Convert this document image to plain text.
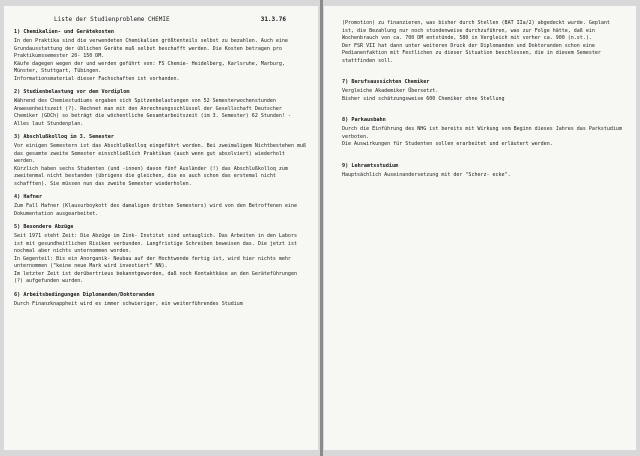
Liste der Studienprobleme CHEMIE	31.3.76
1) Chemikalien- und Gerätekosten

In den Praktika sind die verwendeten Chemikalien größtenteils selbst zu bezahlen. Auch eine Grundausstattung der üblichen Geräte muß selbst beschafft werden. Die Kosten betragen pro Praktikumssemester 20- 150 DM.
Käufe dagegen wegen der und werden geführt von: FS Chemie- Heidelberg, Karlsruhe, Marburg, Münster, Stuttgart, Tübingen.
Informationsmaterial dieser Fachschaften ist vorhanden.

2) Studienbelastung vor dem Vordiplom

Während des Chemiestudiums ergaben sich Spitzenbelastungen von 52 Semesterwochenstunden Anwesenheitszeit (?). Rechnet man mit den Anrechnungsschlüssel der Gesellschaft Deutscher Chemiker (GDCh) so beträgt die wöchentliche Gesamtarbeitszeit (im 3. Semester) 62 Stunden! - Alles laut Stundenplan.

3) Abschlußkolloq im 3. Semester

Vor einigen Semestern ist das Abschlußkolloq eingeführt worden. Bei zweimaligem Nichtbestehen muß das gesamte zweite Semester einschließlich Praktikum (auch wenn gut absolviert) wiederholt werden.
Kürzlich haben sechs Studenten (und -innen) davon fünf Ausländer (!) das Abschlußkolloq zum zweitenmal nicht bestanden (übrigens die gleichen, die es auch schon das erstemal nicht schafften). Sie müssen nun das zweite Semester wiederholen.

4) Hafner

Zum Fall Hafner (Klausurboykott des damaligen dritten Semesters) wird von den Betroffenen eine Dokumentation ausgearbeitet.

5) Besondere Abzüge

Seit 1971 steht Zeit: Die Abzüge im Zink- Institut sind untauglich. Das Arbeiten in den Labors ist mit gesundheitlichen Risiken verbunden. Langfristige Schreiben beweisen das. Die jetzt ist nochmal aber nichts unternommen worden.
In Gegenteil: Bis ein Anorganik- Neubau auf der Hochtwende fertig ist, wird hier nichts mehr unternommen ("keine neue Mark wird investiert" NN).
Im letzter Zeit ist derübertrieus bekanntgeworden, daß noch Kontaktkäse an den Geräteführungen (?) aufgefunden wurden.

6) Arbeitsbedingungen Diplomanden/Doktoranden

Durch Finanzknappheit wird es immer schwieriger, ein weiterführendes Studium

(Promotion) zu finanzieren, was bisher durch Stellen (BAT IIa/2) abgedeckt wurde. Geplant ist, die Bezahlung nur noch stundenweise durchzuführen, was zur Folge hätte, daß ein Wochenbrauch von ca. 700 DM entstünde, 580 in Vergleich mit vorher ca. 900 (n.st.).
Der FSR VII hat dann unter weiteren Druck der Diplomanden und Doktoranden schon eine Pedianenfaktion mit Festlichen zu dieser Situation beschlossen, die in diesem Semester stattfinden soll.

7) Berufsaussichten Chemiker

Vergleiche Akademiker Übersetzt.
Bisher sind schätzungsweise 600 Chemiker ohne Stellung

8) Parkausbahn

Durch die Einführung des NHG ist bereits mit Wirkung vom Beginn dieses Jahres das Parkstudium verboten.
Die Auswirkungen für Studenten sollen erarbeitet und erläutert werden.

9) Lehramtsstudium

Hauptsächlich Auseinandersetzung mit der "Scherz- ecke".
